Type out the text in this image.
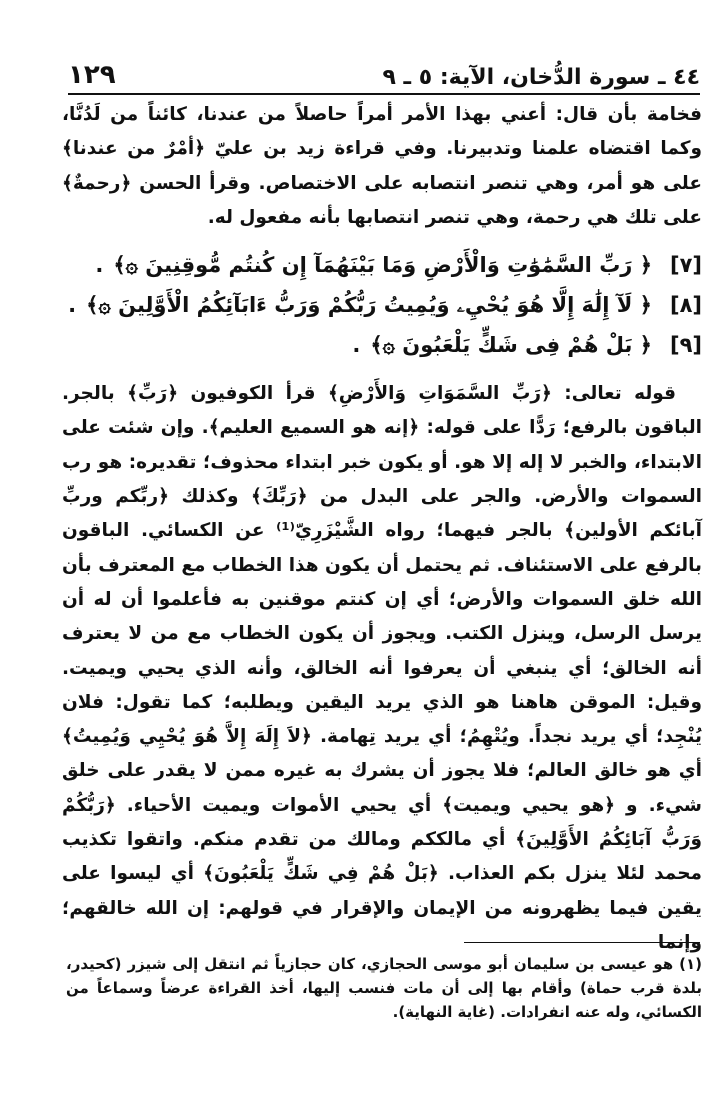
٤٤ ـ سورة الدُّخان، الآية: ٥ ـ ٩
١٢٩

فخامة بأن قال: أعني بهذا الأمر أمراً حاصلاً من عندنا، كائناً من لَدُنَّا، وكما اقتضاه علمنا وتدبيرنا. وفي قراءة زيد بن عليّ ﴿أمْرٌ من عندنا﴾ على هو أمر، وهي تنصر انتصابه على الاختصاص. وقرأ الحسن ﴿رحمةٌ﴾ على تلك هي رحمة، وهي تنصر انتصابها بأنه مفعول له.

[٧]
﴿ رَبِّ السَّمَٰوَٰتِ وَالْأَرْضِ وَمَا بَيْنَهُمَآ إِن كُنتُم مُّوقِنِينَ ۞﴾
.
[٨]
﴿ لَآ إِلَٰهَ إِلَّا هُوَ يُحْيِۦ وَيُمِيتُ رَبُّكُمْ وَرَبُّ ءَابَآئِكُمُ الْأَوَّلِينَ ۞﴾
.
[٩]
﴿ بَلْ هُمْ فِى شَكٍّ يَلْعَبُونَ ۞﴾
.

قوله تعالى: ﴿رَبِّ السَّمَوَاتِ وَالأَرْضِ﴾ قرأ الكوفيون ﴿رَبِّ﴾ بالجر. الباقون بالرفع؛ رَدًّا على قوله: ﴿إنه هو السميع العليم﴾. وإن شئت على الابتداء، والخبر لا إله إلا هو. أو يكون خبر ابتداء محذوف؛ تقديره: هو رب السموات والأرض. والجر على البدل من ﴿رَبِّكَ﴾ وكذلك ﴿ربِّكم وربِّ آبائكم الأولين﴾ بالجر فيهما؛ رواه الشَّيْزَرِيّ⁽¹⁾ عن الكسائي. الباقون بالرفع على الاستئناف. ثم يحتمل أن يكون هذا الخطاب مع المعترف بأن الله خلق السموات والأرض؛ أي إن كنتم موقنين به فأعلموا أن له أن يرسل الرسل، وينزل الكتب. ويجوز أن يكون الخطاب مع من لا يعترف أنه الخالق؛ أي ينبغي أن يعرفوا أنه الخالق، وأنه الذي يحيي ويميت. وقيل: الموقن هاهنا هو الذي يريد اليقين ويطلبه؛ كما تقول: فلان يُنْجِد؛ أي يريد نجداً. ويُتْهِمُ؛ أي يريد تِهامة. ﴿لاَ إِلَهَ إِلاَّ هُوَ يُحْيِي وَيُمِيتُ﴾ أي هو خالق العالم؛ فلا يجوز أن يشرك به غيره ممن لا يقدر على خلق شيء. و ﴿هو يحيي ويميت﴾ أي يحيي الأموات ويميت الأحياء. ﴿رَبُّكُمْ وَرَبُّ آبَائِكُمُ الأَوَّلِينَ﴾ أي مالككم ومالك من تقدم منكم. واتقوا تكذيب محمد لئلا ينزل بكم العذاب. ﴿بَلْ هُمْ فِي شَكٍّ يَلْعَبُونَ﴾ أي ليسوا على يقين فيما يظهرونه من الإيمان والإقرار في قولهم: إن الله خالقهم؛ وإنما

(١) هو عيسى بن سليمان أبو موسى الحجازي، كان حجازياً ثم انتقل إلى شيزر (كحيدر، بلدة قرب حماة) وأقام بها إلى أن مات فنسب إليها، أخذ القراءة عرضاً وسماعاً من الكسائي، وله عنه انفرادات. (غاية النهاية).
